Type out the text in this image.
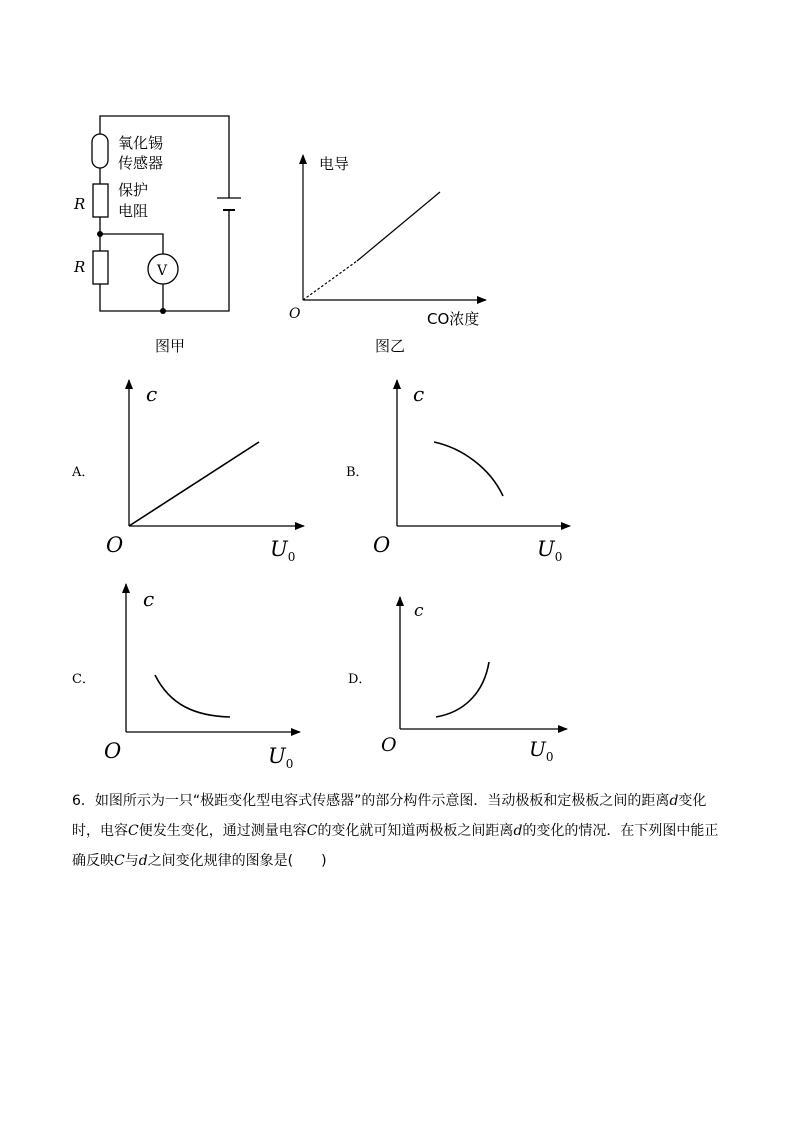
氧化锡
传感器
R
保护
电阻
R	V
图甲
电导
CO浓度
O
图乙
A．
c
O	$U_0$
B．
c
O	$U_0$
C．
c
O	$U_0$
D．
c
O	$U_0$
6．如图所示为一只“极距变化型电容式传感器”的部分构件示意图．当动极板和定极板之间的距离d变化时，电容C便发生变化，通过测量电容C的变化就可知道两极板之间距离d的变化的情况．在下列图中能正确反映C与d之间变化规律的图象是(　　)
